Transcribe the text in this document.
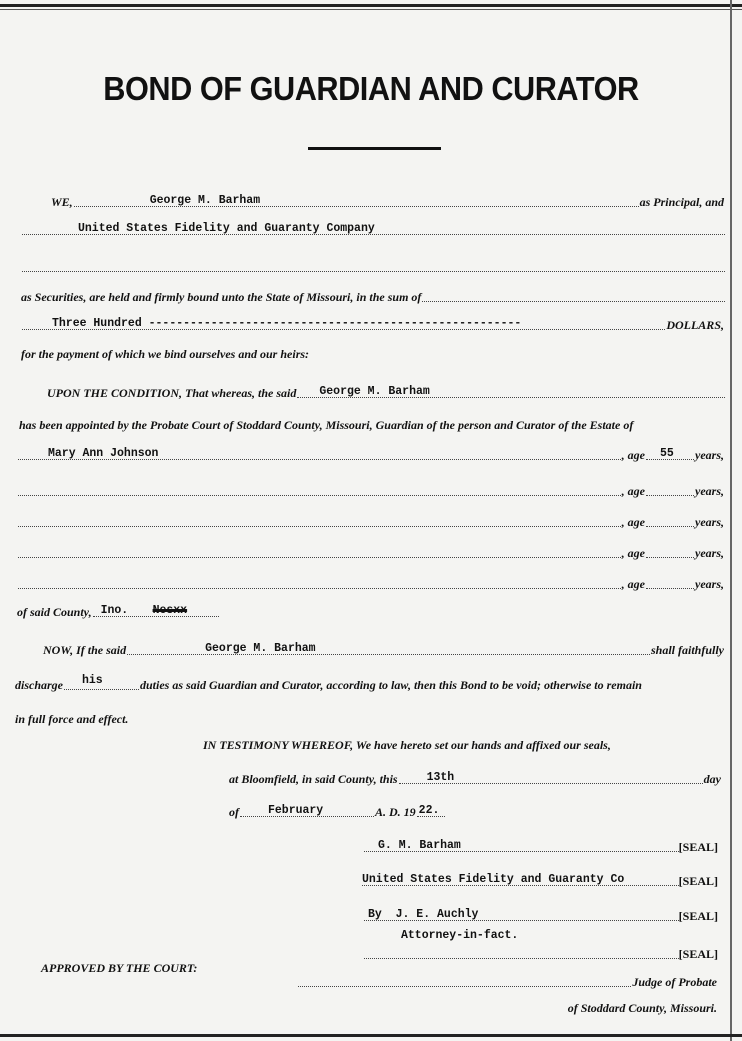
BOND OF GUARDIAN AND CURATOR
WE,	George M. Barham	as Principal, and
United States Fidelity and Guaranty Company
as Securities, are held and firmly bound unto the State of Missouri, in the sum of
Three Hundred ------------------------------------------------------	DOLLARS,
for the payment of which we bind ourselves and our heirs:
UPON THE CONDITION, That whereas, the said George M. Barham
has been appointed by the Probate Court of Stoddard County, Missouri, Guardian of the person and Curator of the Estate of
Mary Ann Johnson	, age 55 years,
, age	years,
, age	years,
, age	years,
, age	years,
of said County, Ino. Nesxx
NOW, If the said	George M. Barham	shall faithfully
discharge his	duties as said Guardian and Curator, according to law, then this Bond to be void; otherwise to remain
in full force and effect.
IN TESTIMONY WHEREOF, We have hereto set our hands and affixed our seals,
at Bloomfield, in said County, this	13th	day
of	February	A. D. 19 22.
G. M. Barham	[SEAL]
United States Fidelity and Guaranty Co	[SEAL]
By  J. E. Auchly	[SEAL]
Attorney-in-fact.
[SEAL]
APPROVED BY THE COURT:
Judge of Probate
of Stoddard County, Missouri.
